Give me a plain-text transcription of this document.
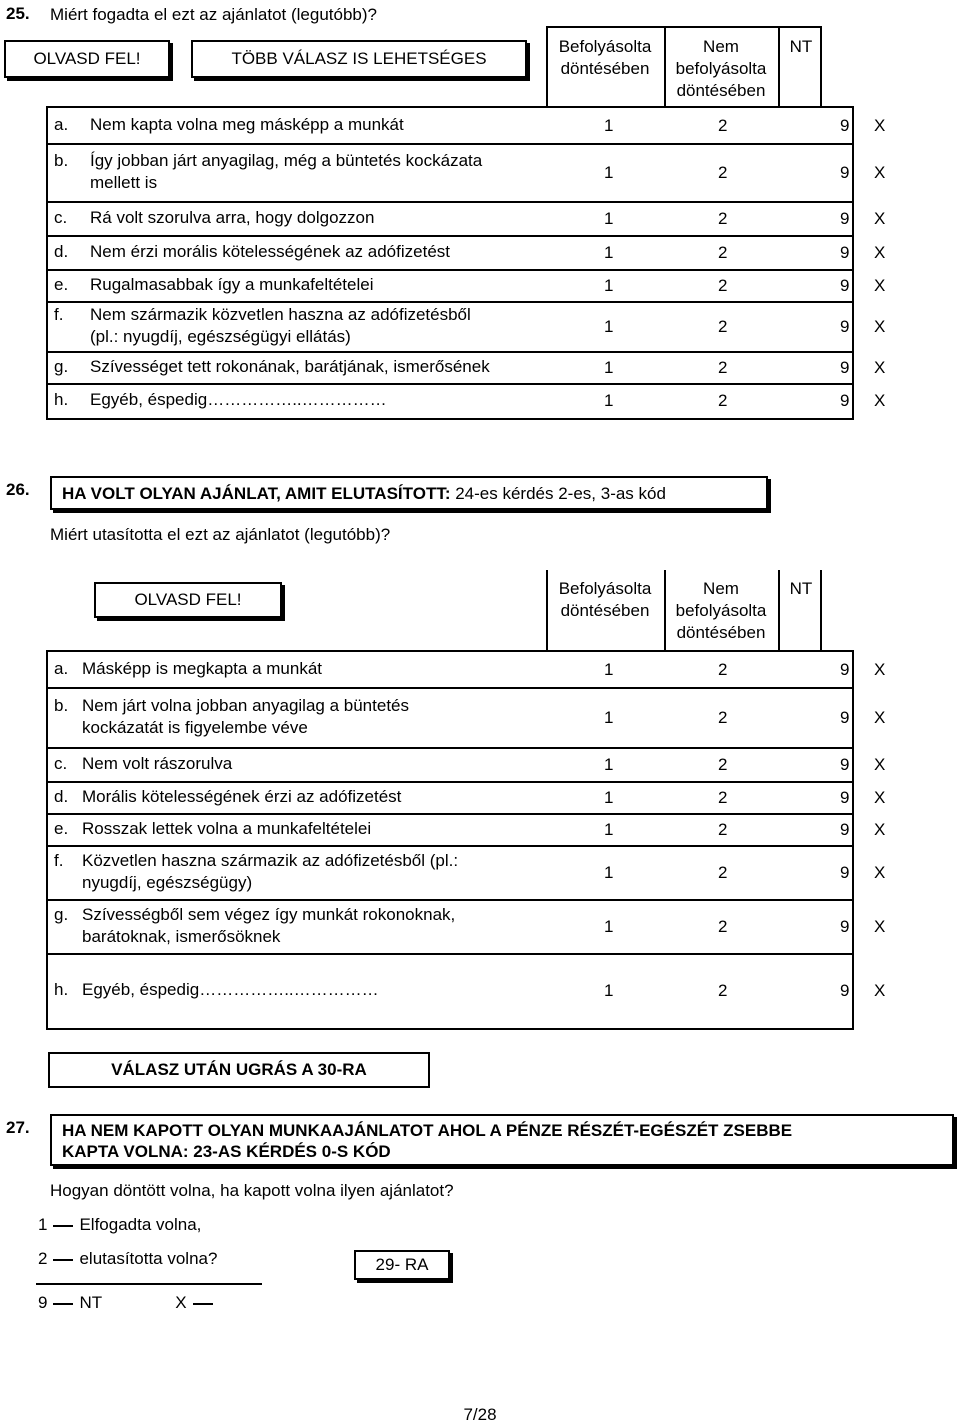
25. Miért fogadta el ezt az ajánlatot (legutóbb)?
OLVASD FEL!	TÖBB VÁLASZ IS LEHETSÉGES
Befolyásolta
döntésében
Nem
befolyásolta
döntésében
NT
a. Nem kapta volna meg másképp a munkát	1	2	9 X
b. Így jobban járt anyagilag, még a büntetés kockázata
mellett is
1	2	9 X
c. Rá volt szorulva arra, hogy dolgozzon	1	2	9 X
d. Nem érzi morális kötelességének az adófizetést	1	2	9 X
e. Rugalmasabbak így a munkafeltételei	1	2	9 X
f. Nem származik közvetlen haszna az adófizetésből
(pl.: nyugdíj, egészségügyi ellátás)
1	2	9 X
g. Szívességet tett rokonának, barátjának, ismerősének	1	2	9 X
h. Egyéb, éspedig……………..……………	1	2	9 X
26.	HA VOLT OLYAN AJÁNLAT, AMIT ELUTASÍTOTT: 24-es kérdés 2-es, 3-as kód
Miért utasította el ezt az ajánlatot (legutóbb)?
OLVASD FEL!
Befolyásolta
döntésében
Nem
befolyásolta
döntésében
NT
a. Másképp is megkapta a munkát	1	2	9 X
b. Nem járt volna jobban anyagilag a büntetés
kockázatát is figyelembe véve
1	2	9 X
c. Nem volt rászorulva	1	2	9 X
d. Morális kötelességének érzi az adófizetést	1	2	9 X
e. Rosszak lettek volna a munkafeltételei	1	2	9 X
f. Közvetlen haszna származik az adófizetésből (pl.:
nyugdíj, egészségügy)
1	2	9 X
g. Szívességből sem végez így munkát rokonoknak,
barátoknak, ismerősöknek
1	2	9 X
h. Egyéb, éspedig……………..……………	1	2	9 X
VÁLASZ UTÁN UGRÁS A 30-RA
27. HA NEM KAPOTT OLYAN MUNKAAJÁNLATOT AHOL A PÉNZE RÉSZÉT-EGÉSZÉT ZSEBBE
KAPTA VOLNA: 23-AS KÉRDÉS 0-S KÓD
Hogyan döntött volna, ha kapott volna ilyen ajánlatot?
1 Elfogadta volna,
2 elutasította volna?
9 NT	X
29- RA
7/28
